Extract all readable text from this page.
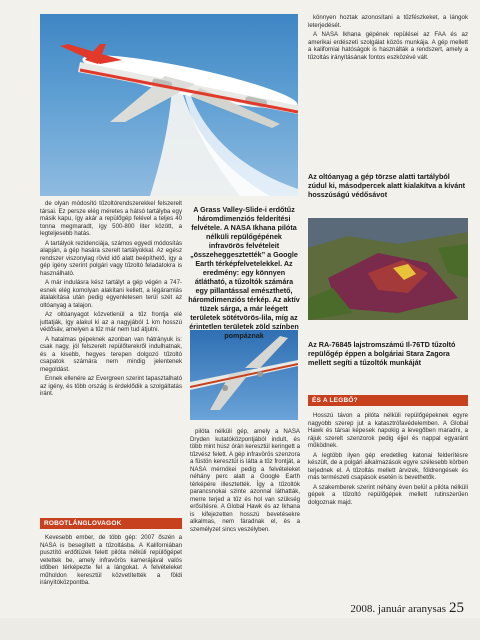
A Grass Valley-Slide-i erdőtűz háromdimenziós felderítési felvétele. A NASA Ikhana pilóta nélküli repülőgépének infravörös felvételeit „összeheggesztették” a Google Earth térképfelvetelekkel. Az eredmény: egy könnyen átlátható, a tűzoltók számára egy pillantással emészthető, háromdimenziós térkép. Az aktív tüzek sárga, a már leégett területek sötétvörös-lila, míg az érintetlen területek zöld színben pompáznak
Az oltóanyag a gép törzse alatti tartályból zúdul ki, másodpercek alatt kialakítva a kívánt hosszúságú védősávot
Az RA-76845 lajstromszámú Il-76TD tűzoltó repülőgép éppen a bolgáriai Stara Zagora mellett segíti a tűzoltók munkáját

de olyan módosító tűzoltórendszerekkel felszerelt társai. Ez persze elég méretes a hátsó tartályba egy másik kapu, így akár a repülőgép felével a teljes 40 tonna megmaradt, így 500-800 liter között, a legteljesebb hatás.

A tartályok rezidenciája, számos egyedi módosítás alapján, a gép hasára szerelt tartályokkal. Az egész rendszer viszonylag rövid idő alatt beépíthető, így a gép igény szerint polgári vagy tűzoltó feladatokra is használható.

A már indulásra kész tartályt a gép végén a 747-esnek elég komolyan alakítani kellett, a légáramlás átalakítása után pedig egyenletesen terül szét az oltóanyag a talajon.

Az oltóanyagot közvetlenül a tűz frontja elé juttatják, így alakul ki az a nagyjából 1 km hosszú védősáv, amelyen a tűz már nem tud átjutni.

A hatalmas gépeknek azonban van hátrányuk is: csak nagy, jól felszerelt repülőterekről indulhatnak, és a kisebb, hegyes terepen dolgozó tűzoltó csapatok számára nem mindig jelentenek megoldást.

Ennek ellenére az Evergreen szerint tapasztalható az igény, és több ország is érdeklődik a szolgáltatás iránt.

ROBOTLÁNGLOVAGOK

Kevesebb ember, de több gép: 2007 őszén a NASA is besegített a tűzoltásba. A Kaliforniában pusztító erdőtüzek felett pilóta nélküli repülőgépet vetettek be, amely infravörös kamerájával valós időben térképezte fel a lángokat. A felvételeket műholdon keresztül közvetítették a földi irányítóközpontba.

pilóta nélküli gép, amely a NASA Dryden kutatóközpontjából indult, és több mint húsz órán keresztül keringett a tűzvész felett. A gép infravörös szenzora a füstön keresztül is látta a tűz frontját, a NASA mérnökei pedig a felvételeket néhány perc alatt a Google Earth térképére illesztették. Így a tűzoltók parancsnokai szinte azonnal láthatták, merre terjed a tűz és hol van szükség erősítésre. A Global Hawk és az Ikhana is kifejezetten hosszú bevetésekre alkalmas, nem fáradnak el, és a személyzet sincs veszélyben.

könnyen hoztak azonosítani a tűzfészkeket, a lángok leterjedését.

A NASA Ikhana gépének repülései az FAA és az amerikai erdészeti szolgálat közös munkája. A gép mellett a kaliforniai hatóságok is használták a rendszert, amely a tűzoltás irányításának fontos eszközévé vált.

ÉS A LEGBŐ?

Hosszú távon a pilóta nélküli repülőgépeknek egyre nagyobb szerep jut a katasztrófavédelemben. A Global Hawk és társai képesek napokig a levegőben maradni, a rájuk szerelt szenzorok pedig éjjel és nappal egyaránt működnek.

A legtöbb ilyen gép eredetileg katonai felderítésre készült, de a polgári alkalmazások egyre szélesebb körben terjednek el. A tűzoltás mellett árvizek, földrengések és más természeti csapások esetén is bevethetők.

A szakemberek szerint néhány éven belül a pilóta nélküli gépek a tűzoltó repülőgépek mellett rutinszerűen dolgoznak majd.

2008. január aranysas 25
